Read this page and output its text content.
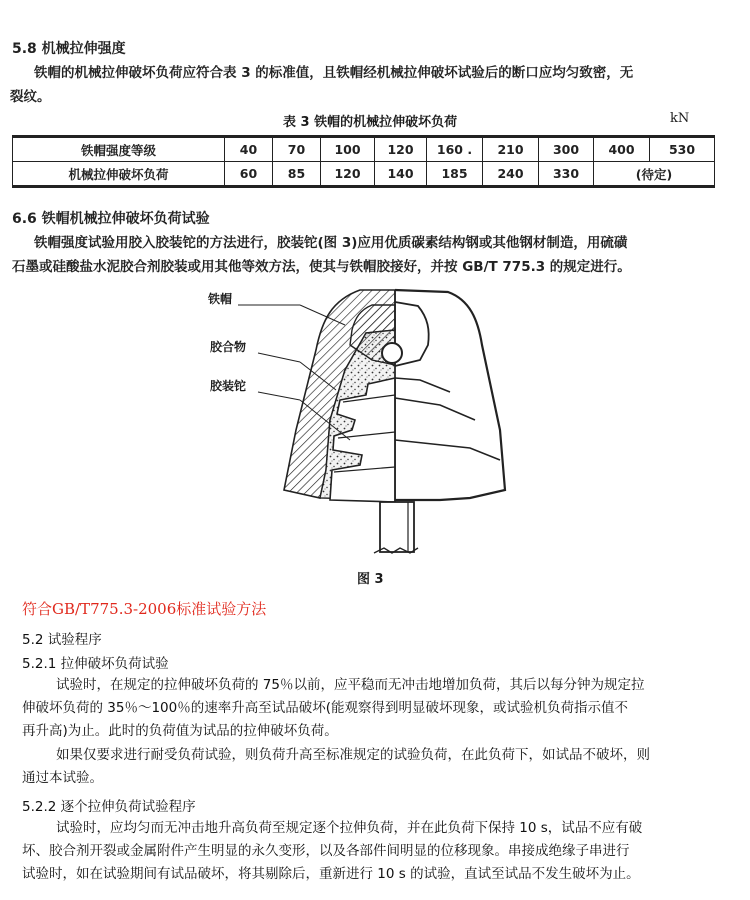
5.8 机械拉伸强度
铁帽的机械拉伸破坏负荷应符合表 3 的标准值，且铁帽经机械拉伸破坏试验后的断口应均匀致密，无
裂纹。
表 3 铁帽的机械拉伸破坏负荷	kN
铁帽强度等级	40	70	100	120	160 .	210	300	400	530
机械拉伸破坏负荷	60	85	120	140	185	240	330	(待定)	
6.6 铁帽机械拉伸破坏负荷试验
铁帽强度试验用胶入胶装铊的方法进行，胶装铊(图 3)应用优质碳素结构钢或其他钢材制造，用硫磺
石墨或硅酸盐水泥胶合剂胶装或用其他等效方法，使其与铁帽胶接好，并按 GB/T 775.3 的规定进行。
铁帽
胶合物
胶装铊
图 3
符合GB/T775.3-2006标准试验方法
5.2 试验程序
5.2.1 拉伸破坏负荷试验
试验时，在规定的拉伸破坏负荷的 75％以前，应平稳而无冲击地增加负荷，其后以每分钟为规定拉
伸破坏负荷的 35％～100％的速率升高至试品破坏(能观察得到明显破坏现象，或试验机负荷指示值不
再升高)为止。此时的负荷值为试品的拉伸破坏负荷。
如果仅要求进行耐受负荷试验，则负荷升高至标准规定的试验负荷，在此负荷下，如试品不破坏，则
通过本试验。
5.2.2 逐个拉伸负荷试验程序
试验时，应均匀而无冲击地升高负荷至规定逐个拉伸负荷，并在此负荷下保持 10 s，试品不应有破
坏、胶合剂开裂或金属附件产生明显的永久变形，以及各部件间明显的位移现象。串接成绝缘子串进行
试验时，如在试验期间有试品破坏，将其剔除后，重新进行 10 s 的试验，直试至试品不发生破坏为止。
